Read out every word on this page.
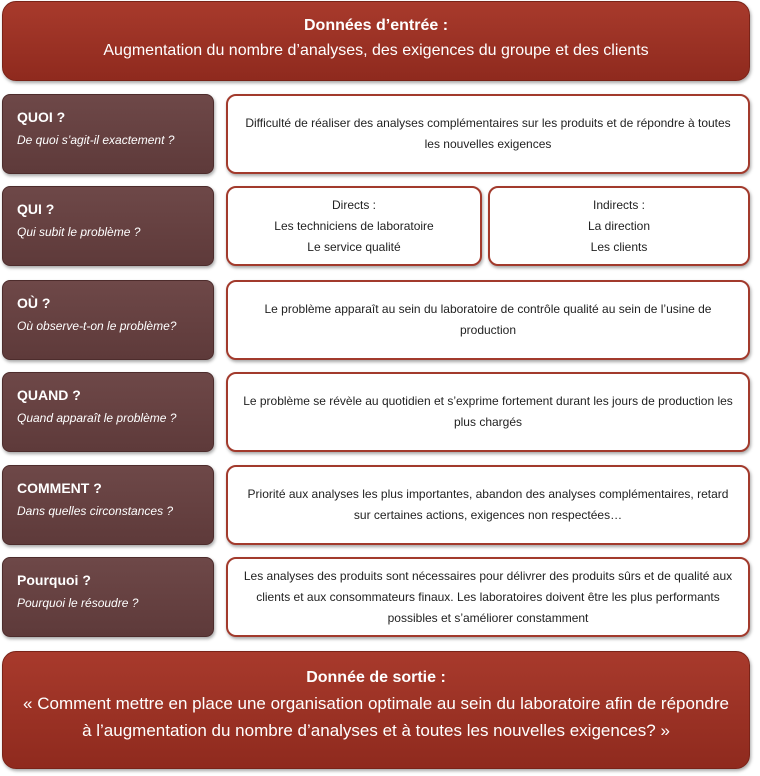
Données d’entrée :
Augmentation du nombre d’analyses, des exigences du groupe et des clients
QUOI ?
De quoi s’agit-il exactement ?
Difficulté de réaliser des analyses complémentaires sur les produits et de répondre à toutes les nouvelles exigences
QUI ?
Qui subit le problème ?
Directs :
Les techniciens de laboratoire
Le service qualité
Indirects :
La direction
Les clients
OÙ ?
Où observe-t-on le problème?
Le problème apparaît au sein du laboratoire de contrôle qualité au sein de l’usine de production
QUAND ?
Quand apparaît le problème ?
Le problème se révèle au quotidien et s’exprime fortement durant les jours de production les plus chargés
COMMENT ?
Dans quelles circonstances ?
Priorité aux analyses les plus importantes, abandon des analyses complémentaires, retard sur certaines actions, exigences non respectées…
Pourquoi ?
Pourquoi le résoudre ?
Les analyses des produits sont nécessaires pour délivrer des produits sûrs et de qualité aux clients et aux consommateurs finaux. Les laboratoires doivent être les plus performants possibles et s’améliorer constamment
Donnée de sortie :
« Comment mettre en place une organisation optimale au sein du laboratoire afin de répondre à l’augmentation du nombre d’analyses et à toutes les nouvelles exigences? »
